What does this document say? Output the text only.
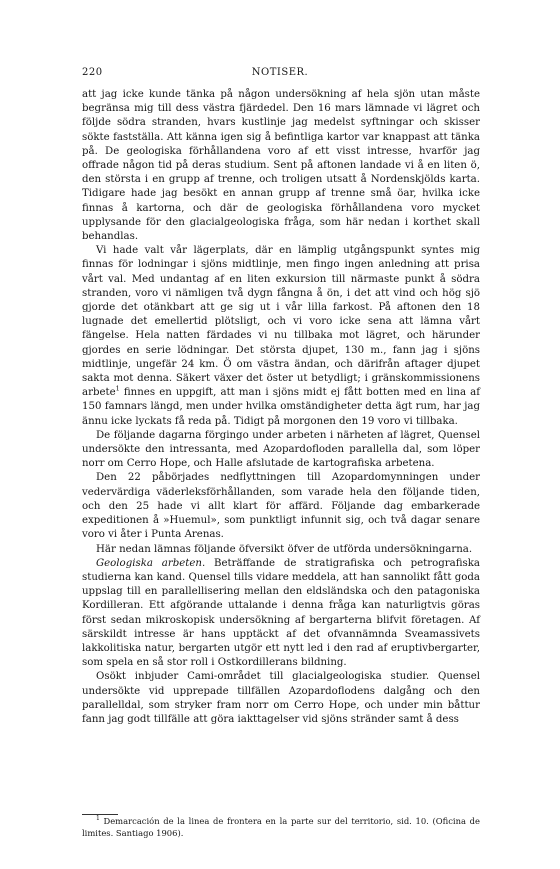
220	NOTISER.

att jag icke kunde tänka på någon undersökning af hela sjön utan måste begränsa mig till dess västra fjärdedel. Den 16 mars lämnade vi lägret och följde södra stranden, hvars kustlinje jag medelst syftningar och skisser sökte fastställa. Att känna igen sig å befintliga kartor var knappast att tänka på. De geologiska förhållandena voro af ett visst intresse, hvarför jag offrade någon tid på deras studium. Sent på aftonen landade vi å en liten ö, den största i en grupp af trenne, och troligen utsatt å Nordenskjölds karta. Tidigare hade jag besökt en annan grupp af trenne små öar, hvilka icke finnas å kartorna, och där de geologiska förhållandena voro mycket upplysande för den glacialgeologiska fråga, som här nedan i korthet skall behandlas.

Vi hade valt vår lägerplats, där en lämplig utgångspunkt syntes mig finnas för lodningar i sjöns midtlinje, men fingo ingen anledning att prisa vårt val. Med undantag af en liten exkursion till närmaste punkt å södra stranden, voro vi nämligen två dygn fångna å ön, i det att vind och hög sjö gjorde det otänkbart att ge sig ut i vår lilla farkost. På aftonen den 18 lugnade det emellertid plötsligt, och vi voro icke sena att lämna vårt fängelse. Hela natten färdades vi nu tillbaka mot lägret, och härunder gjordes en serie lödningar. Det största djupet, 130 m., fann jag i sjöns midtlinje, ungefär 24 km. Ö om västra ändan, och därifrån aftager djupet sakta mot denna. Säkert växer det öster ut betydligt; i gränskommissionens arbete$^1$ finnes en uppgift, att man i sjöns midt ej fått botten med en lina af 150 famnars längd, men under hvilka omständigheter detta ägt rum, har jag ännu icke lyckats få reda på. Tidigt på morgonen den 19 voro vi tillbaka.

De följande dagarna förgingo under arbeten i närheten af lägret, Quensel undersökte den intressanta, med Azopardofloden parallella dal, som löper norr om Cerro Hope, och Halle afslutade de kartografiska arbetena.

Den 22 påbörjades nedflyttningen till Azopardomynningen under vedervärdiga väderleksförhållanden, som varade hela den följande tiden, och den 25 hade vi allt klart för affärd. Följande dag embarkerade expeditionen å »Huemul», som punktligt infunnit sig, och två dagar senare voro vi åter i Punta Arenas.

Här nedan lämnas följande öfversikt öfver de utförda undersökningarna.

Geologiska arbeten. Beträffande de stratigrafiska och petrografiska studierna kan kand. Quensel tills vidare meddela, att han sannolikt fått goda uppslag till en parallellisering mellan den eldsländska och den patagoniska Kordilleran. Ett afgörande uttalande i denna fråga kan naturligtvis göras först sedan mikroskopisk undersökning af bergarterna blifvit företagen. Af särskildt intresse är hans upptäckt af det ofvannämnda Sveamassivets lakkolitiska natur, bergarten utgör ett nytt led i den rad af eruptivbergarter, som spela en så stor roll i Ostkordillerans bildning.

Osökt inbjuder Cami-området till glacialgeologiska studier. Quensel undersökte vid upprepade tillfällen Azopardoflodens dalgång och den parallelldal, som stryker fram norr om Cerro Hope, och under min båttur fann jag godt tillfälle att göra iakttagelser vid sjöns stränder samt å dess

$^1$ Demarcación de la linea de frontera en la parte sur del territorio, sid. 10. (Oficina de limites. Santiago 1906).
